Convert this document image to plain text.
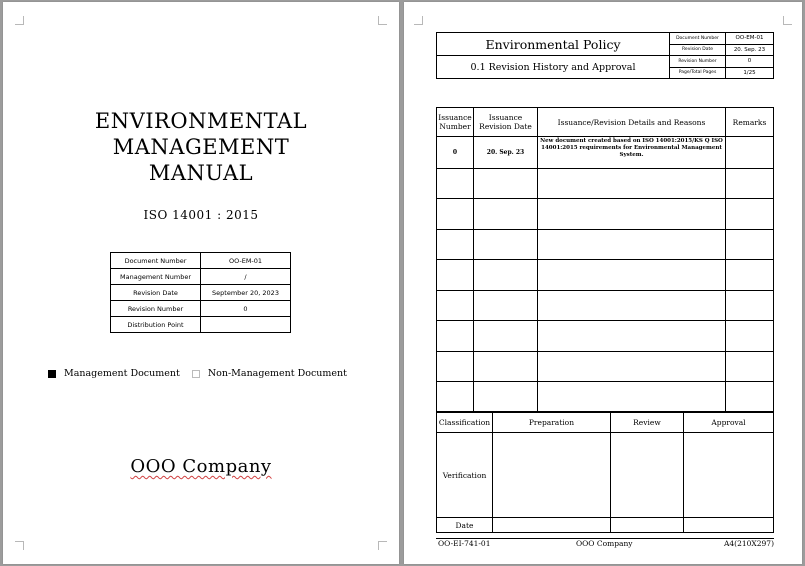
ENVIRONMENTAL
MANAGEMENT
MANUAL
ISO 14001 : 2015
Document Number	OO-EM-01
Management Number	/
Revision Date	September 20, 2023
Revision Number	0
Distribution Point	
Management Document	Non-Management Document
OOO Company
Environmental Policy	Document Number	OO-EM-01
	Revision Date	20. Sep. 23
0.1 Revision History and Approval	Revision Number	0
	Page/Total Pages	1/25
Issuance Number	Issuance Revision Date	Issuance/Revision Details and Reasons	Remarks
0	20. Sep. 23	New document created based on ISO 14001:2015/KS Q ISO 14001:2015 requirements for Environmental Management System.	

Classification	Preparation	Review	Approval
Verification			
Date			
OO-EI-741-01	OOO Company	A4(210X297)
